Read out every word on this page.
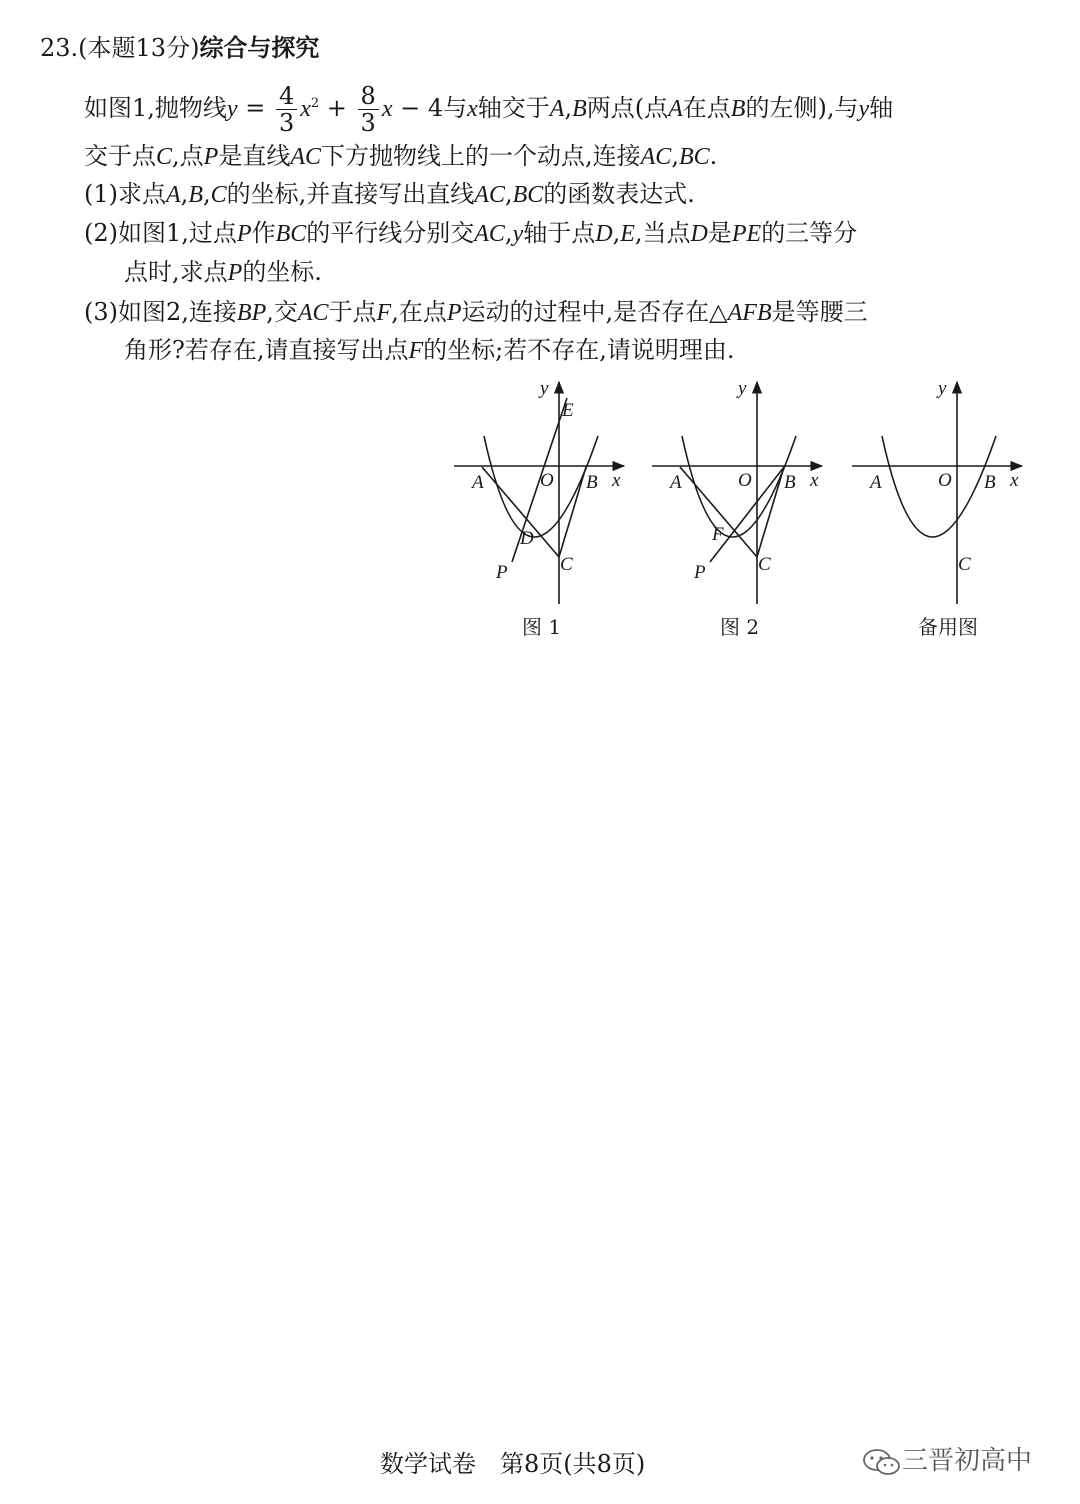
23.(本题13分)综合与探究
如图1,抛物线$y = \frac{4}{3} x^2 + \frac{8}{3}$ x − 4与x轴交于A,B两点(点A在点B的左侧),与y轴
交于点C,点P是直线AC下方抛物线上的一个动点,连接AC,BC.
(1)求点A,B,C的坐标,并直接写出直线AC,BC的函数表达式.
(2)如图1,过点P作BC的平行线分别交AC,y轴于点D,E,当点D是PE的三等分
点时,求点P的坐标.
(3)如图2,连接BP,交AC于点F,在点P运动的过程中,是否存在△AFB是等腰三
角形?若存在,请直接写出点F的坐标;若不存在,请说明理由.
y
E
A	O B x
D
P	C
图 1
y
A	O B x
F
P	C
图 2
y
A	O B x
C
备用图
数学试卷　第8页(共8页)	三晋初高中
